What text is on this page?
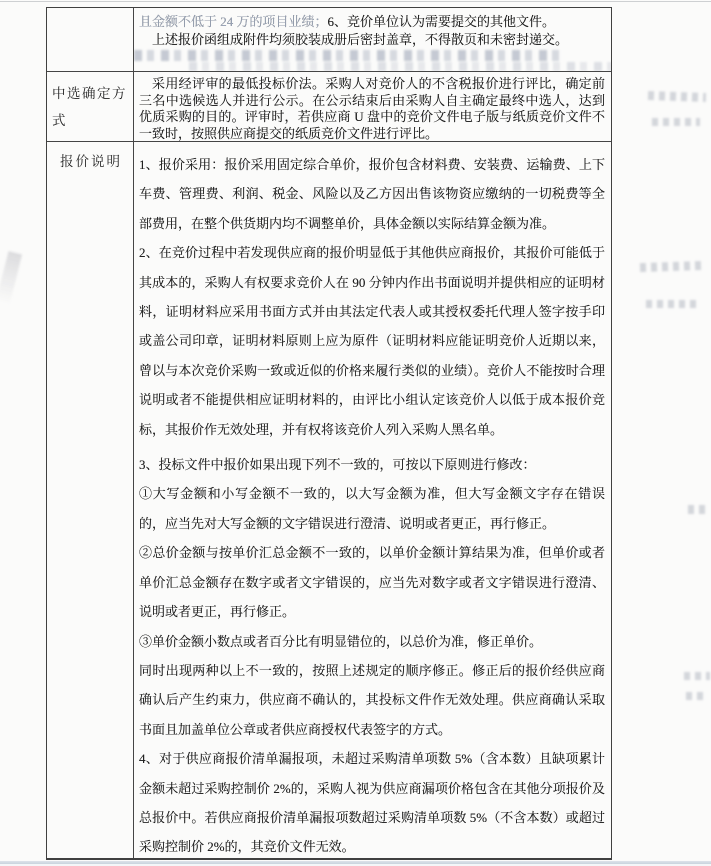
且金额不低于 24 万的项目业绩；6、竞价单位认为需要提交的其他文件。

上述报价函组成附件均须胶装成册后密封盖章，不得散页和未密封递交。

中选确定方式

采用经评审的最低投标价法。采购人对竞价人的不含税报价进行评比，确定前三名中选候选人并进行公示。在公示结束后由采购人自主确定最终中选人，达到优质采购的目的。评审时，若供应商 U 盘中的竞价文件电子版与纸质竞价文件不一致时，按照供应商提交的纸质竞价文件进行评比。

报价说明	1、报价采用：报价采用固定综合单价，报价包含材料费、安装费、运输费、上下车费、管理费、利润、税金、风险以及乙方因出售该物资应缴纳的一切税费等全部费用，在整个供货期内均不调整单价，具体金额以实际结算金额为准。

2、在竞价过程中若发现供应商的报价明显低于其他供应商报价，其报价可能低于其成本的，采购人有权要求竞价人在 90 分钟内作出书面说明并提供相应的证明材料，证明材料应采用书面方式并由其法定代表人或其授权委托代理人签字按手印或盖公司印章，证明材料原则上应为原件（证明材料应能证明竞价人近期以来，曾以与本次竞价采购一致或近似的价格来履行类似的业绩）。竞价人不能按时合理说明或者不能提供相应证明材料的，由评比小组认定该竞价人以低于成本报价竞标，其报价作无效处理，并有权将该竞价人列入采购人黑名单。

3、投标文件中报价如果出现下列不一致的，可按以下原则进行修改：

①大写金额和小写金额不一致的，以大写金额为准，但大写金额文字存在错误的，应当先对大写金额的文字错误进行澄清、说明或者更正，再行修正。

②总价金额与按单价汇总金额不一致的，以单价金额计算结果为准，但单价或者单价汇总金额存在数字或者文字错误的，应当先对数字或者文字错误进行澄清、说明或者更正，再行修正。

③单价金额小数点或者百分比有明显错位的，以总价为准，修正单价。

同时出现两种以上不一致的，按照上述规定的顺序修正。修正后的报价经供应商确认后产生约束力，供应商不确认的，其投标文件作无效处理。供应商确认采取书面且加盖单位公章或者供应商授权代表签字的方式。

4、对于供应商报价清单漏报项，未超过采购清单项数 5%（含本数）且缺项累计金额未超过采购控制价 2%的，采购人视为供应商漏项价格包含在其他分项报价及总报价中。若供应商报价清单漏报项数超过采购清单项数 5%（不含本数）或超过采购控制价 2%的，其竞价文件无效。
